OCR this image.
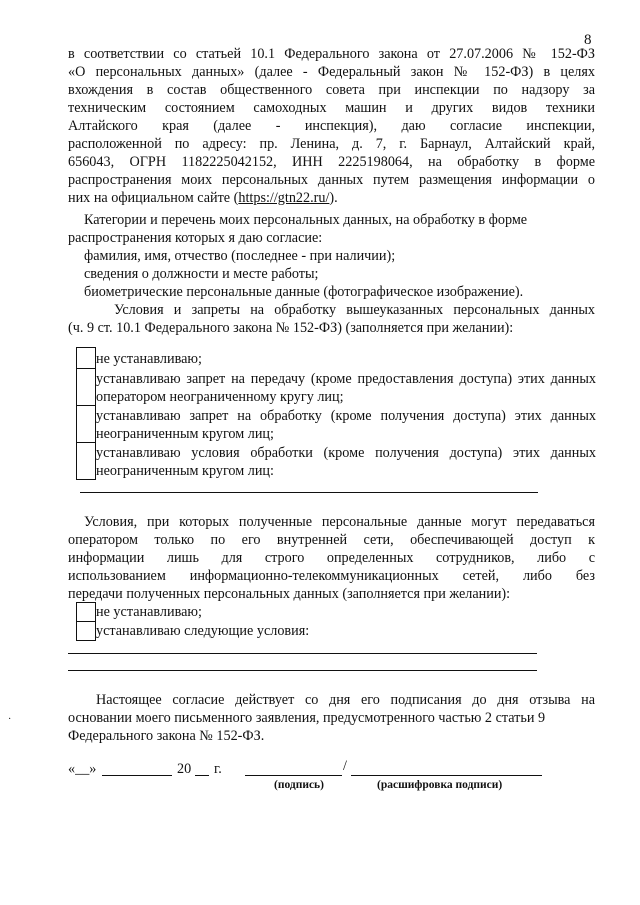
8
в соответствии со статьей 10.1 Федерального закона от 27.07.2006 № 152-ФЗ
«О персональных данных» (далее - Федеральный закон № 152-ФЗ) в целях
вхождения в состав общественного совета при инспекции по надзору за
техническим состоянием самоходных машин и других видов техники
Алтайского края (далее - инспекция), даю согласие инспекции,
расположенной по адресу: пр. Ленина, д. 7, г. Барнаул, Алтайский край,
656043, ОГРН 1182225042152, ИНН 2225198064, на обработку в форме
распространения моих персональных данных путем размещения информации о
них на официальном сайте (https://gtn22.ru/).
Категории и перечень моих персональных данных, на обработку в форме
распространения которых я даю согласие:
фамилия, имя, отчество (последнее - при наличии);
сведения о должности и месте работы;
биометрические персональные данные (фотографическое изображение).
Условия и запреты на обработку вышеуказанных персональных данных
(ч. 9 ст. 10.1 Федерального закона № 152-ФЗ) (заполняется при желании):
не устанавливаю;
устанавливаю запрет на передачу (кроме предоставления доступа) этих данных оператором неограниченному кругу лиц;
устанавливаю запрет на обработку (кроме получения доступа) этих данных неограниченным кругом лиц;
устанавливаю условия обработки (кроме получения доступа) этих данных неограниченным кругом лиц:
Условия, при которых полученные персональные данные могут передаваться
оператором только по его внутренней сети, обеспечивающей доступ к
информации лишь для строго определенных сотрудников, либо с
использованием информационно-телекоммуникационных сетей, либо без
передачи полученных персональных данных (заполняется при желании):
не устанавливаю;
устанавливаю следующие условия:
·
Настоящее согласие действует со дня его подписания до дня отзыва на
основании моего письменного заявления, предусмотренного частью 2 статьи 9
Федерального закона № 152-ФЗ.
«__»	20 г.	/
(подпись)	(расшифровка подписи)
